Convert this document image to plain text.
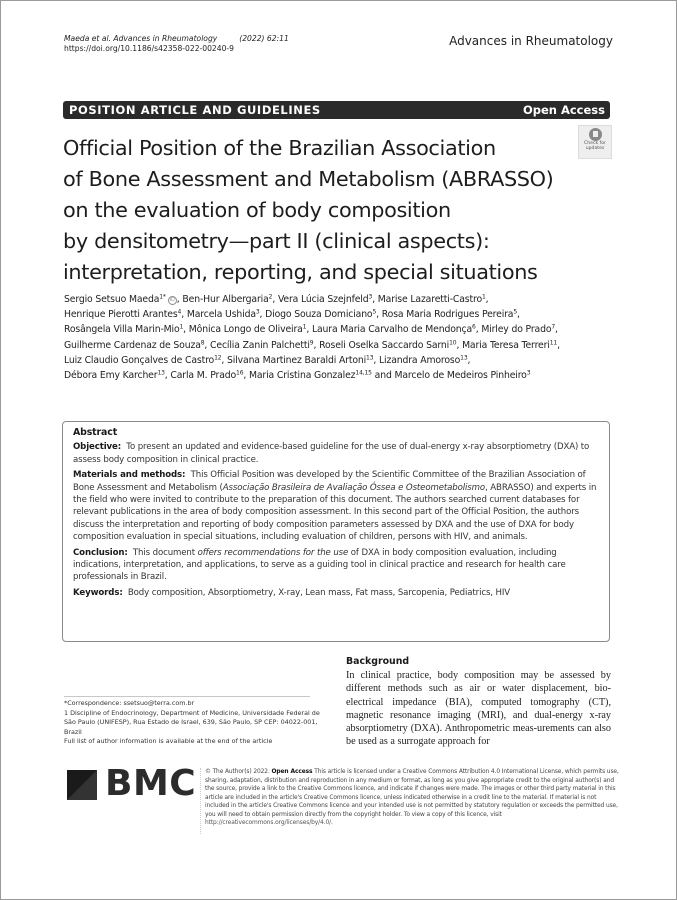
Maeda et al. Advances in Rheumatology	(2022) 62:11
https://doi.org/10.1186/s42358-022-00240-9
Advances in Rheumatology
POSITION ARTICLE AND GUIDELINES	Open Access
Check for
updates
Official Position of the Brazilian Association
of Bone Assessment and Metabolism (ABRASSO)
on the evaluation of body composition
by densitometry—part II (clinical aspects):
interpretation, reporting, and special situations
Sergio Setsuo Maeda$^{1*}$ iD , Ben-Hur Albergaria$^2$, Vera Lúcia Szejnfeld$^3$, Marise Lazaretti-Castro$^1$,
Henrique Pierotti Arantes$^4$, Marcela Ushida$^3$, Diogo Souza Domiciano$^5$, Rosa Maria Rodrigues Pereira$^5$,
Rosângela Villa Marin-Mio$^1$, Mônica Longo de Oliveira$^1$, Laura Maria Carvalho de Mendonça$^6$, Mirley do Prado$^7$,
Guilherme Cardenaz de Souza$^8$, Cecília Zanin Palchetti$^9$, Roseli Oselka Saccardo Sarni$^{10}$, Maria Teresa Terreri$^{11}$,
Luiz Claudio Gonçalves de Castro$^{12}$, Silvana Martinez Baraldi Artoni$^{13}$, Lizandra Amoroso$^{13}$,
Débora Emy Karcher$^{13}$, Carla M. Prado$^{16}$, Maria Cristina Gonzalez$^{14,15}$ and Marcelo de Medeiros Pinheiro$^3$
Abstract

Objective: To present an updated and evidence-based guideline for the use of dual-energy x-ray absorptiometry (DXA) to assess body composition in clinical practice.

Materials and methods: This Official Position was developed by the Scientific Committee of the Brazilian Association of Bone Assessment and Metabolism (Associação Brasileira de Avaliação Óssea e Osteometabolismo, ABRASSO) and experts in the field who were invited to contribute to the preparation of this document. The authors searched current databases for relevant publications in the area of body composition assessment. In this second part of the Official Position, the authors discuss the interpretation and reporting of body composition parameters assessed by DXA and the use of DXA for body composition evaluation in special situations, including evaluation of children, persons with HIV, and animals.

Conclusion: This document offers recommendations for the use of DXA in body composition evaluation, including indications, interpretation, and applications, to serve as a guiding tool in clinical practice and research for health care professionals in Brazil.

Keywords: Body composition, Absorptiometry, X-ray, Lean mass, Fat mass, Sarcopenia, Pediatrics, HIV

*Correspondence: ssetsuo@terra.com.br
1 Discipline of Endocrinology, Department of Medicine, Universidade Federal de São Paulo (UNIFESP), Rua Estado de Israel, 639, São Paulo, SP CEP: 04022-001, Brazil
Full list of author information is available at the end of the article
Background
In clinical practice, body composition may be assessed by different methods such as air or water displacement, bio-electrical impedance (BIA), computed tomography (CT), magnetic resonance imaging (MRI), and dual-energy x-ray absorptiometry (DXA). Anthropometric meas-urements can also be used as a surrogate approach for
BMC © The Author(s) 2022. Open Access This article is licensed under a Creative Commons Attribution 4.0 International License, which permits use, sharing, adaptation, distribution and reproduction in any medium or format, as long as you give appropriate credit to the original author(s) and the source, provide a link to the Creative Commons licence, and indicate if changes were made. The images or other third party material in this article are included in the article's Creative Commons licence, unless indicated otherwise in a credit line to the material. If material is not included in the article's Creative Commons licence and your intended use is not permitted by statutory regulation or exceeds the permitted use, you will need to obtain permission directly from the copyright holder. To view a copy of this licence, visit http://creativecommons.org/licenses/by/4.0/.
